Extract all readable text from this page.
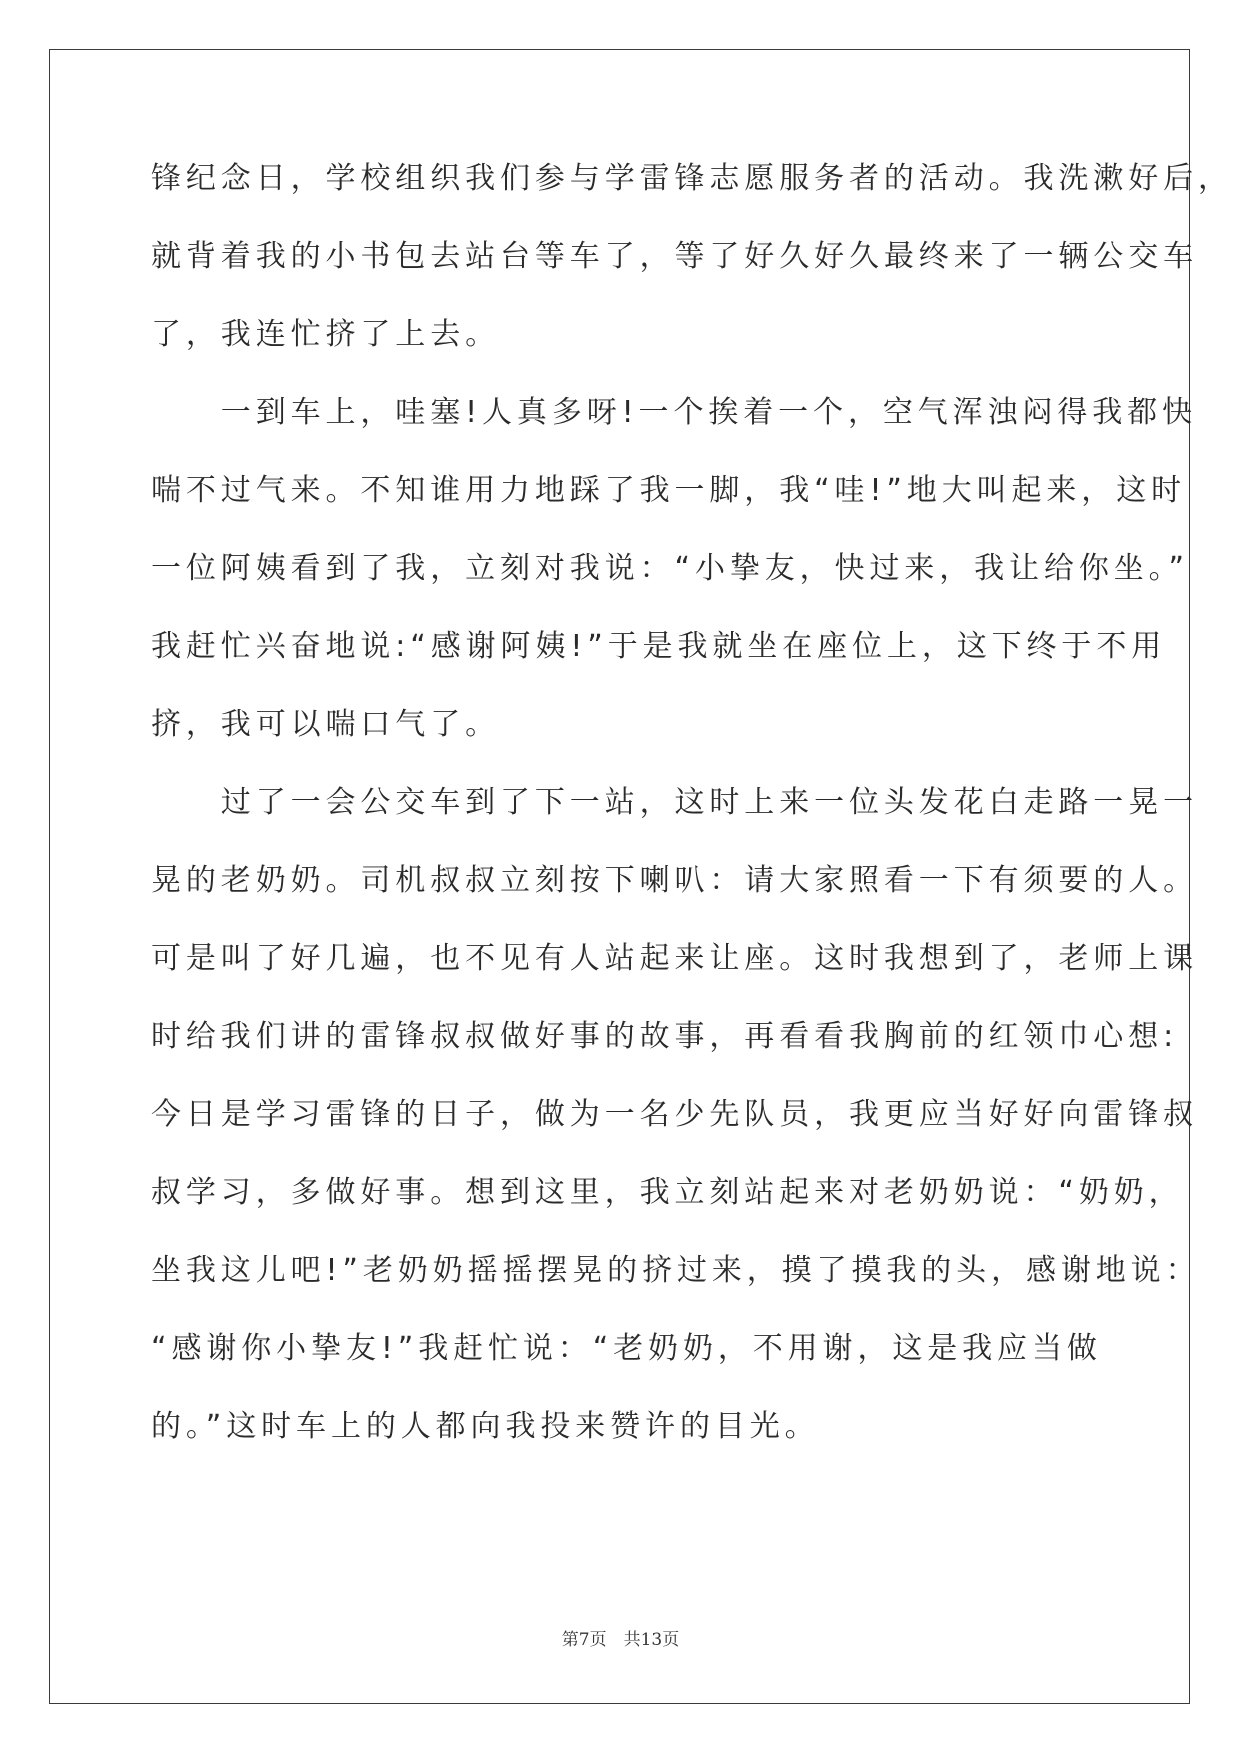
锋纪念日，学校组织我们参与学雷锋志愿服务者的活动。我洗漱好后，
就背着我的小书包去站台等车了，等了好久好久最终来了一辆公交车
了，我连忙挤了上去。
　　一到车上，哇塞!人真多呀!一个挨着一个，空气浑浊闷得我都快
喘不过气来。不知谁用力地踩了我一脚，我“哇!”地大叫起来，这时
一位阿姨看到了我，立刻对我说：“小挚友，快过来，我让给你坐。”
我赶忙兴奋地说:“感谢阿姨!”于是我就坐在座位上，这下终于不用
挤，我可以喘口气了。
　　过了一会公交车到了下一站，这时上来一位头发花白走路一晃一
晃的老奶奶。司机叔叔立刻按下喇叭：请大家照看一下有须要的人。
可是叫了好几遍，也不见有人站起来让座。这时我想到了，老师上课
时给我们讲的雷锋叔叔做好事的故事，再看看我胸前的红领巾心想:
今日是学习雷锋的日子，做为一名少先队员，我更应当好好向雷锋叔
叔学习，多做好事。想到这里，我立刻站起来对老奶奶说：“奶奶，
坐我这儿吧!”老奶奶摇摇摆晃的挤过来，摸了摸我的头，感谢地说：
“感谢你小挚友!”我赶忙说：“老奶奶，不用谢，这是我应当做
的。”这时车上的人都向我投来赞许的目光。
第7页　共13页
